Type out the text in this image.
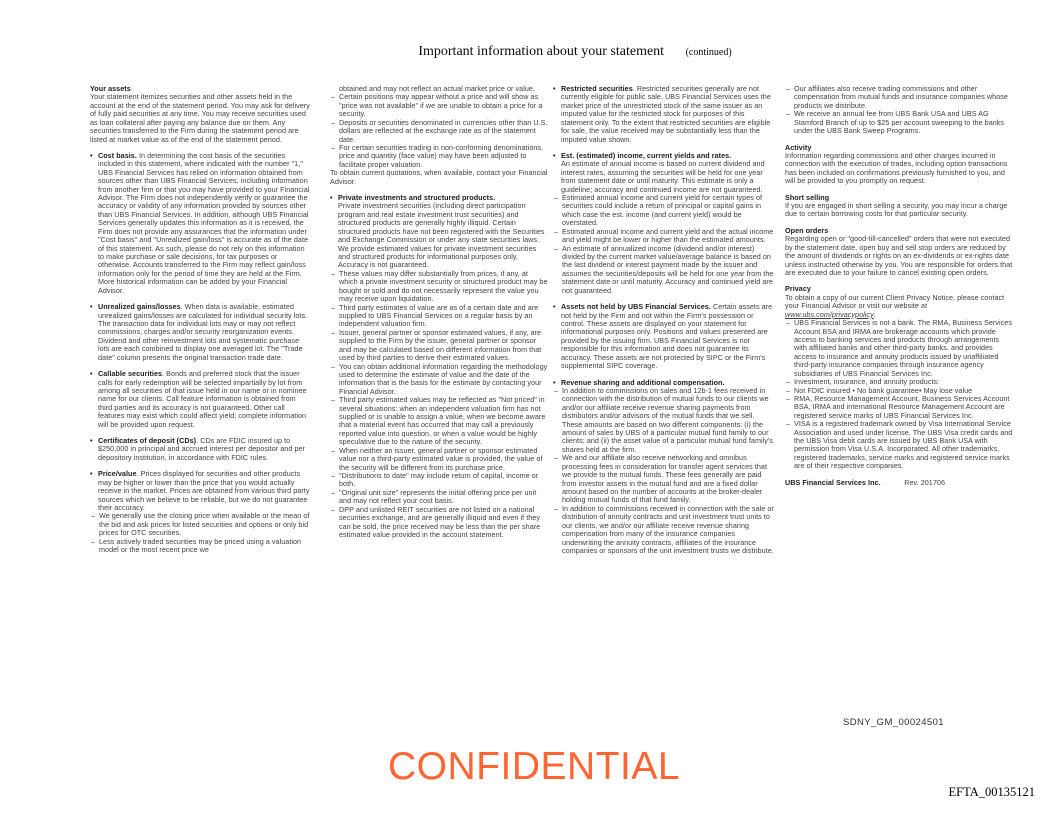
Important information about your statement (continued)
Your assets
Your statement itemizes securities and other assets held in the account at the end of the statement period. You may ask for delivery of fully paid securities at any time. You may receive securities used as loan collateral after paying any balance due on them. Any securities transferred to the Firm during the statement period are listed at market value as of the end of the statement period.
• Cost basis. In determining the cost basis of the securities included in this statement, where indicated with the number "1," UBS Financial Services has relied on information obtained from sources other than UBS Financial Services, including information from another firm or that you may have provided to your Financial Advisor. The Firm does not independently verify or guarantee the accuracy or validity of any information provided by sources other than UBS Financial Services. In addition, although UBS Financial Services generally updates this information as it is received, the Firm does not provide any assurances that the information under "Cost basis" and "Unrealized gain/loss" is accurate as of the date of this statement. As such, please do not rely on this information to make purchase or sale decisions, for tax purposes or otherwise. Accounts transferred to the Firm may reflect gain/loss information only for the period of time they are held at the Firm. More historical information can be added by your Financial Advisor.
• Unrealized gains/losses. When data is available, estimated unrealized gains/losses are calculated for individual security lots. The transaction data for individual lots may or may not reflect commissions, charges and/or security reorganization events. Dividend and other reinvestment lots and systematic purchase lots are each combined to display one averaged lot. The "Trade date" column presents the original transaction trade date.
• Callable securities. Bonds and preferred stock that the issuer calls for early redemption will be selected impartially by lot from among all securities of that issue held in our name or in nominee name for our clients. Call feature information is obtained from third parties and its accuracy is not guaranteed. Other call features may exist which could affect yield; complete information will be provided upon request.
• Certificates of deposit (CDs). CDs are FDIC insured up to $250,000 in principal and accrued interest per depositor and per depository institution, in accordance with FDIC rules.
• Price/value. Prices displayed for securities and other products may be higher or lower than the price that you would actually receive in the market. Prices are obtained from various third party sources which we believe to be reliable, but we do not guarantee their accuracy.
– We generally use the closing price when available or the mean of the bid and ask prices for listed securities and options or only bid prices for OTC securities.
– Less actively traded securities may be priced using a valuation model or the most recent price we
obtained and may not reflect an actual market price or value.
– Certain positions may appear without a price and will show as "price was not available" if we are unable to obtain a price for a security.
– Deposits or securities denominated in currencies other than U.S. dollars are reflected at the exchange rate as of the statement date.
– For certain securities trading in non-conforming denominations, price and quantity (face value) may have been adjusted to facilitate proper valuation.
To obtain current quotations, when available, contact your Financial Advisor.
• Private investments and structured products.
Private investment securities (including direct participation program and real estate investment trust securities) and structured products are generally highly illiquid. Certain structured products have not been registered with the Securities and Exchange Commission or under any state securities laws. We provide estimated values for private investment securities and structured products for informational purposes only. Accuracy is not guaranteed.
– These values may differ substantially from prices, if any, at which a private investment security or structured product may be bought or sold and do not necessarily represent the value you may receive upon liquidation.
– Third party estimates of value are as of a certain date and are supplied to UBS Financial Services on a regular basis by an independent valuation firm.
– Issuer, general partner or sponsor estimated values, if any, are supplied to the Firm by the issuer, general partner or sponsor and may be calculated based on different information from that used by third parties to derive their estimated values.
– You can obtain additional information regarding the methodology used to determine the estimate of value and the date of the information that is the basis for the estimate by contacting your Financial Advisor.
– Third party estimated values may be reflected as "Not priced" in several situations: when an independent valuation firm has not supplied or is unable to assign a value, when we become aware that a material event has occurred that may call a previously reported value into question, or when a value would be highly speculative due to the nature of the security.
– When neither an issuer, general partner or sponsor estimated value nor a third-party estimated value is provided, the value of the security will be different from its purchase price.
– "Distributions to date" may include return of capital, income or both.
– "Original unit size" represents the initial offering price per unit and may not reflect your cost basis.
– DPP and unlisted REIT securities are not listed on a national securities exchange, and are generally illiquid and even if they can be sold, the price received may be less than the per share estimated value provided in the account statement.
• Restricted securities. Restricted securities generally are not currently eligible for public sale. UBS Financial Services uses the market price of the unrestricted stock of the same issuer as an imputed value for the restricted stock for purposes of this statement only. To the extent that restricted securities are eligible for sale, the value received may be substantially less than the imputed value shown.
• Est. (estimated) income, current yields and rates.
An estimate of annual income is based on current dividend and interest rates, assuming the securities will be held for one year from statement date or until maturity. This estimate is only a guideline; accuracy and continued income are not guaranteed.
– Estimated annual income and current yield for certain types of securities could include a return of principal or capital gains in which case the est. income (and current yield) would be overstated.
– Estimated annual income and current yield and the actual income and yield might be lower or higher than the estimated amounts.
– An estimate of annualized income (dividend and/or interest) divided by the current market value/average balance is based on the last dividend or interest payment made by the issuer and assumes the securities/deposits will be held for one year from the statement date or until maturity. Accuracy and continued yield are not guaranteed.
• Assets not held by UBS Financial Services. Certain assets are not held by the Firm and not within the Firm's possession or control. These assets are displayed on your statement for informational purposes only. Positions and values presented are provided by the issuing firm. UBS Financial Services is not responsible for this information and does not guarantee its accuracy. These assets are not protected by SIPC or the Firm's supplemental SIPC coverage.
• Revenue sharing and additional compensation.
– In addition to commissions on sales and 12b-1 fees received in connection with the distribution of mutual funds to our clients we and/or our affiliate receive revenue sharing payments from distributors and/or advisors of the mutual funds that we sell. These amounts are based on two different components: (i) the amount of sales by UBS of a particular mutual fund family to our clients; and (ii) the asset value of a particular mutual fund family's shares held at the firm.
– We and our affiliate also receive networking and omnibus processing fees in consideration for transfer agent services that we provide to the mutual funds. These fees generally are paid from investor assets in the mutual fund and are a fixed dollar amount based on the number of accounts at the broker-dealer holding mutual funds of that fund family.
– In addition to commissions received in connection with the sale or distribution of annuity contracts and unit investment trust units to our clients, we and/or our affiliate receive revenue sharing compensation from many of the insurance companies underwriting the annuity contracts, affiliates of the insurance companies or sponsors of the unit investment trusts we distribute.
– Our affiliates also receive trading commissions and other compensation from mutual funds and insurance companies whose products we distribute.
– We receive an annual fee from UBS Bank USA and UBS AG Stamford Branch of up to $25 per account sweeping to the banks under the UBS Bank Sweep Programs.
Activity
Information regarding commissions and other charges incurred in connection with the execution of trades, including option transactions has been included on confirmations previously furnished to you, and will be provided to you promptly on request.
Short selling
If you are engaged in short selling a security, you may incur a charge due to certain borrowing costs for that particular security.
Open orders
Regarding open or "good-till-cancelled" orders that were not executed by the statement date, open buy and sell stop orders are reduced by the amount of dividends or rights on an ex-dividends or ex-rights date unless instructed otherwise by you. You are responsible for orders that are executed due to your failure to cancel existing open orders.
Privacy
To obtain a copy of our current Client Privacy Notice, please contact your Financial Advisor or visit our website at www.ubs.com/privacypolicy.
– UBS Financial Services is not a bank. The RMA, Business Services Account BSA and IRMA are brokerage accounts which provide access to banking services and products through arrangements with affiliated banks and other third-party banks, and provides access to insurance and annuity products issued by unaffiliated third-party insurance companies through insurance agency subsidiaries of UBS Financial Services Inc.
– Investment, insurance, and annuity products:
– Not FDIC insured • No bank guarantee• May lose value
– RMA, Resource Management Account, Business Services Account BSA, IRMA and international Resource Management Account are registered service marks of UBS Financial Services Inc.
– VISA is a registered trademark owned by Visa International Service Association and used under license. The UBS Visa credit cards and the UBS Visa debit cards are issued by UBS Bank USA with permission from Visa U.S.A. Incorporated. All other trademarks, registered trademarks, service marks and registered service marks are of their respective companies.
UBS Financial Services Inc.	Rev. 201706
SDNY_GM_00024501
CONFIDENTIAL
EFTA_00135121
